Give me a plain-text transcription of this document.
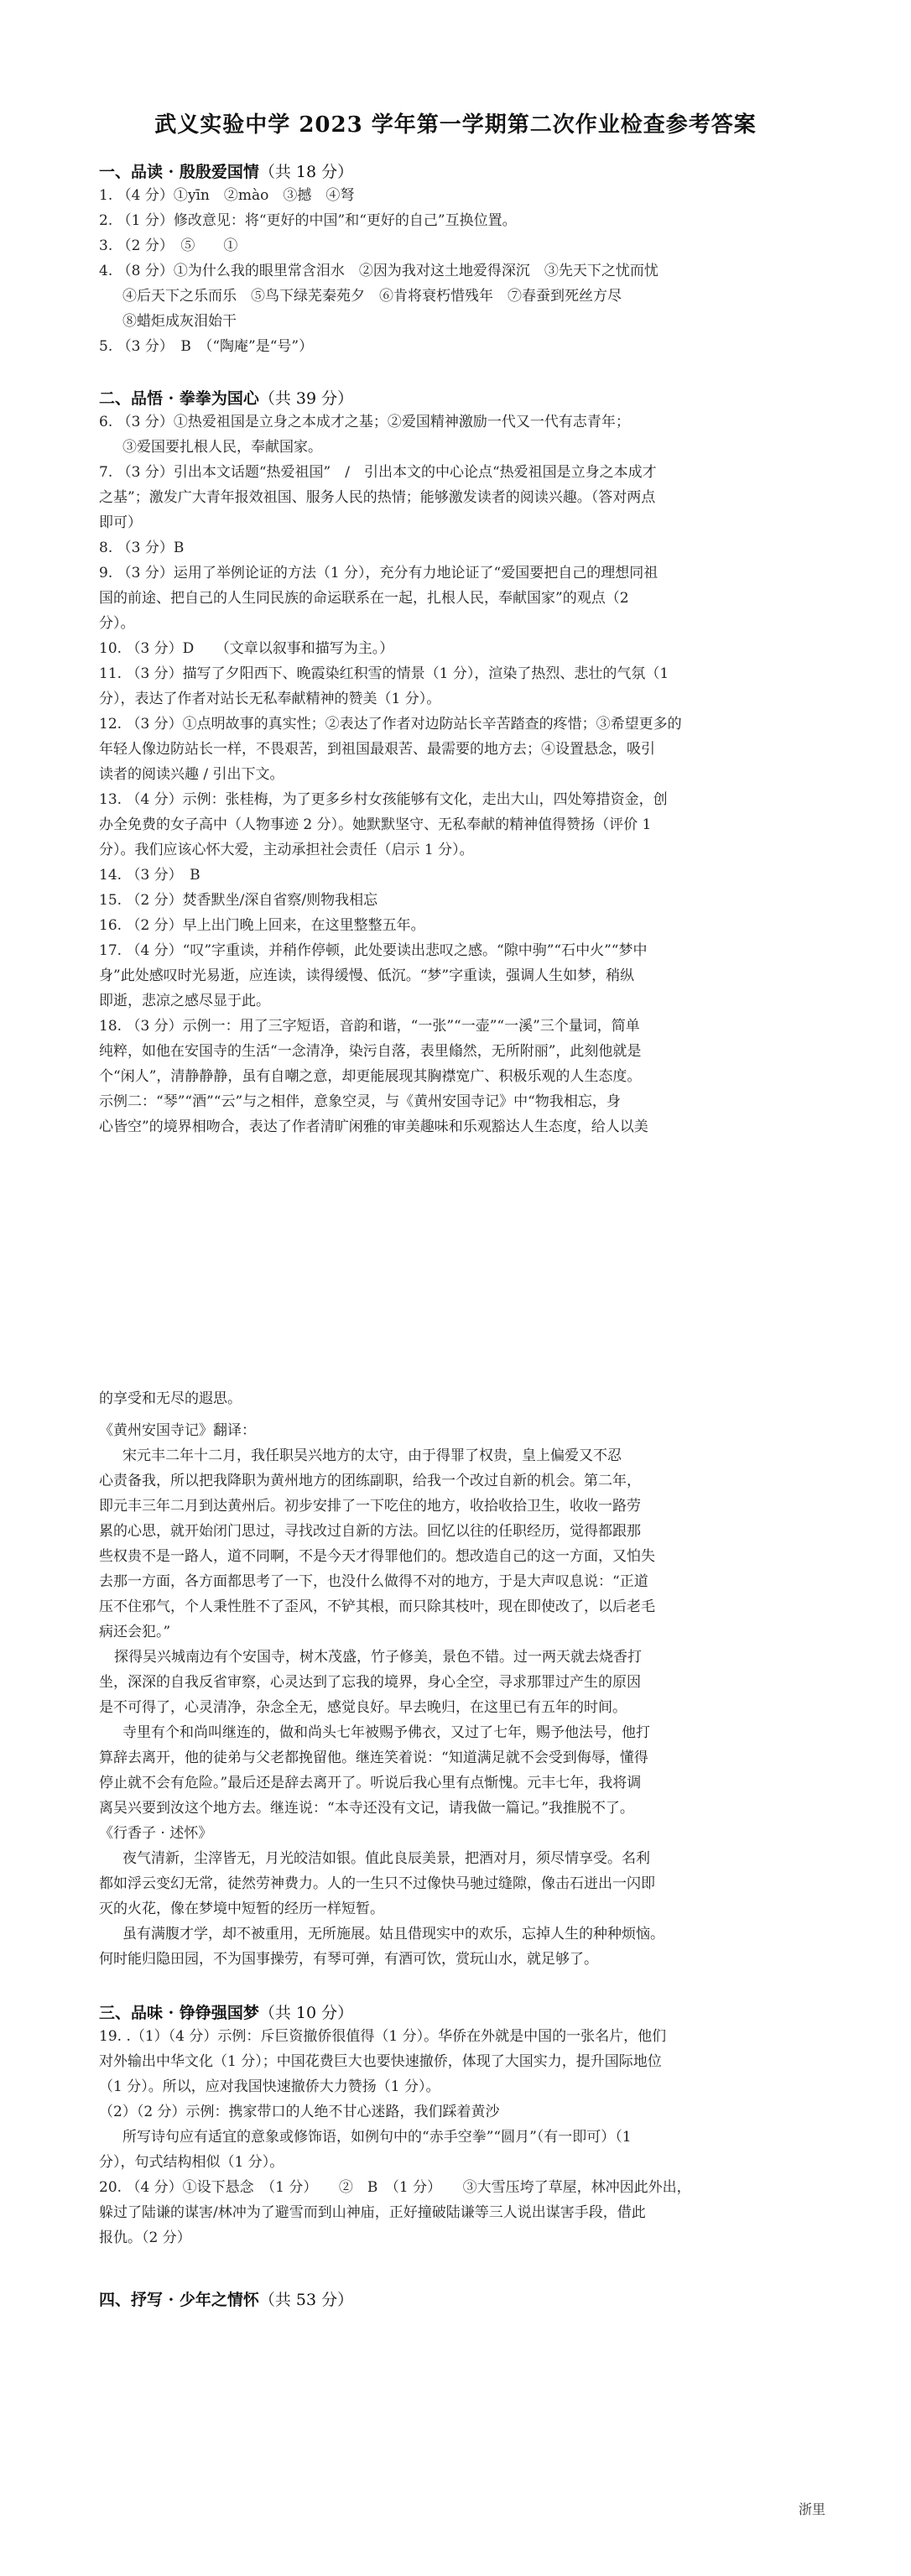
武义实验中学 2023 学年第一学期第二次作业检查参考答案
一、品读 · 殷殷爱国情（共 18 分）

1. （4 分）①yīn　②mào　③撼　④弩

2. （1 分）修改意见：将“更好的中国”和“更好的自己”互换位置。

3. （2 分）　⑤　　①

4. （8 分）①为什么我的眼里常含泪水　②因为我对这土地爱得深沉　③先天下之忧而忧

④后天下之乐而乐　⑤鸟下绿芜秦苑夕　⑥肯将衰朽惜残年　⑦春蚕到死丝方尽

⑧蜡炬成灰泪始干

5. （3 分）　B　（“陶庵”是“号”）

二、品悟 · 拳拳为国心（共 39 分）

6. （3 分）①热爱祖国是立身之本成才之基；②爱国精神激励一代又一代有志青年；

③爱国要扎根人民，奉献国家。

7. （3 分）引出本文话题“热爱祖国”　/　引出本文的中心论点“热爱祖国是立身之本成才

之基”；激发广大青年报效祖国、服务人民的热情；能够激发读者的阅读兴趣。（答对两点

即可）

8. （3 分）B

9. （3 分）运用了举例论证的方法（1 分），充分有力地论证了“爱国要把自己的理想同祖

国的前途、把自己的人生同民族的命运联系在一起，扎根人民，奉献国家”的观点（2

分）。

10. （3 分）D　　（文章以叙事和描写为主。）

11. （3 分）描写了夕阳西下、晚霞染红积雪的情景（1 分），渲染了热烈、悲壮的气氛（1

分），表达了作者对站长无私奉献精神的赞美（1 分）。

12. （3 分）①点明故事的真实性；②表达了作者对边防站长辛苦踏查的疼惜；③希望更多的

年轻人像边防站长一样，不畏艰苦，到祖国最艰苦、最需要的地方去；④设置悬念，吸引

读者的阅读兴趣 / 引出下文。

13. （4 分）示例：张桂梅，为了更多乡村女孩能够有文化，走出大山，四处筹措资金，创

办全免费的女子高中（人物事迹 2 分）。她默默坚守、无私奉献的精神值得赞扬（评价 1

分）。我们应该心怀大爱，主动承担社会责任（启示 1 分）。

14. （3 分）　B

15. （2 分）焚香默坐/深自省察/则物我相忘

16. （2 分）早上出门晚上回来，在这里整整五年。

17. （4 分）“叹”字重读，并稍作停顿，此处要读出悲叹之感。“隙中驹”“石中火”“梦中

身”此处感叹时光易逝，应连读，读得缓慢、低沉。“梦”字重读，强调人生如梦，稍纵

即逝，悲凉之感尽显于此。

18. （3 分）示例一：用了三字短语，音韵和谐，“一张”“一壶”“一溪”三个量词，简单

纯粹，如他在安国寺的生活“一念清净，染污自落，表里翛然，无所附丽”，此刻他就是

个“闲人”，清静静静，虽有自嘲之意，却更能展现其胸襟宽广、积极乐观的人生态度。

示例二：“琴”“酒”“云”与之相伴，意象空灵，与《黄州安国寺记》中“物我相忘，身

心皆空”的境界相吻合，表达了作者清旷闲雅的审美趣味和乐观豁达人生态度，给人以美

的享受和无尽的遐思。

《黄州安国寺记》翻译：

宋元丰二年十二月，我任职吴兴地方的太守，由于得罪了权贵，皇上偏爱又不忍

心责备我，所以把我降职为黄州地方的团练副职，给我一个改过自新的机会。第二年，

即元丰三年二月到达黄州后。初步安排了一下吃住的地方，收拾收拾卫生，收收一路劳

累的心思，就开始闭门思过，寻找改过自新的方法。回忆以往的任职经历，觉得都跟那

些权贵不是一路人，道不同啊，不是今天才得罪他们的。想改造自己的这一方面，又怕失

去那一方面，各方面都思考了一下，也没什么做得不对的地方，于是大声叹息说：“正道

压不住邪气，个人秉性胜不了歪风，不铲其根，而只除其枝叶，现在即使改了，以后老毛

病还会犯。”

探得吴兴城南边有个安国寺，树木茂盛，竹子修美，景色不错。过一两天就去烧香打

坐，深深的自我反省审察，心灵达到了忘我的境界，身心全空，寻求那罪过产生的原因

是不可得了，心灵清净，杂念全无，感觉良好。早去晚归，在这里已有五年的时间。

寺里有个和尚叫继连的，做和尚头七年被赐予佛衣，又过了七年，赐予他法号，他打

算辞去离开，他的徒弟与父老都挽留他。继连笑着说：“知道满足就不会受到侮辱，懂得

停止就不会有危险。”最后还是辞去离开了。听说后我心里有点惭愧。元丰七年，我将调

离吴兴要到汝这个地方去。继连说：“本寺还没有文记，请我做一篇记。”我推脱不了。

《行香子 · 述怀》

夜气清新，尘滓皆无，月光皎洁如银。值此良辰美景，把酒对月，须尽情享受。名利

都如浮云变幻无常，徒然劳神费力。人的一生只不过像快马驰过缝隙，像击石迸出一闪即

灭的火花，像在梦境中短暂的经历一样短暂。

虽有满腹才学，却不被重用，无所施展。姑且借现实中的欢乐，忘掉人生的种种烦恼。

何时能归隐田园，不为国事操劳，有琴可弹，有酒可饮，赏玩山水，就足够了。

三、品味 · 铮铮强国梦（共 10 分）

19. .（1）（4 分）示例：斥巨资撤侨很值得（1 分）。华侨在外就是中国的一张名片，他们

对外输出中华文化（1 分）；中国花费巨大也要快速撤侨，体现了大国实力，提升国际地位

（1 分）。所以，应对我国快速撤侨大力赞扬（1 分）。

（2）（2 分）示例：携家带口的人绝不甘心迷路，我们踩着黄沙

所写诗句应有适宜的意象或修饰语，如例句中的“赤手空拳”“圆月”（有一即可）（1

分），句式结构相似（1 分）。

20. （4 分）①设下悬念　（1 分）　　②　B　（1 分）　　③大雪压垮了草屋，林冲因此外出，

躲过了陆谦的谋害/林冲为了避雪而到山神庙，正好撞破陆谦等三人说出谋害手段，借此

报仇。（2 分）

四、抒写 · 少年之情怀（共 53 分）
浙里
